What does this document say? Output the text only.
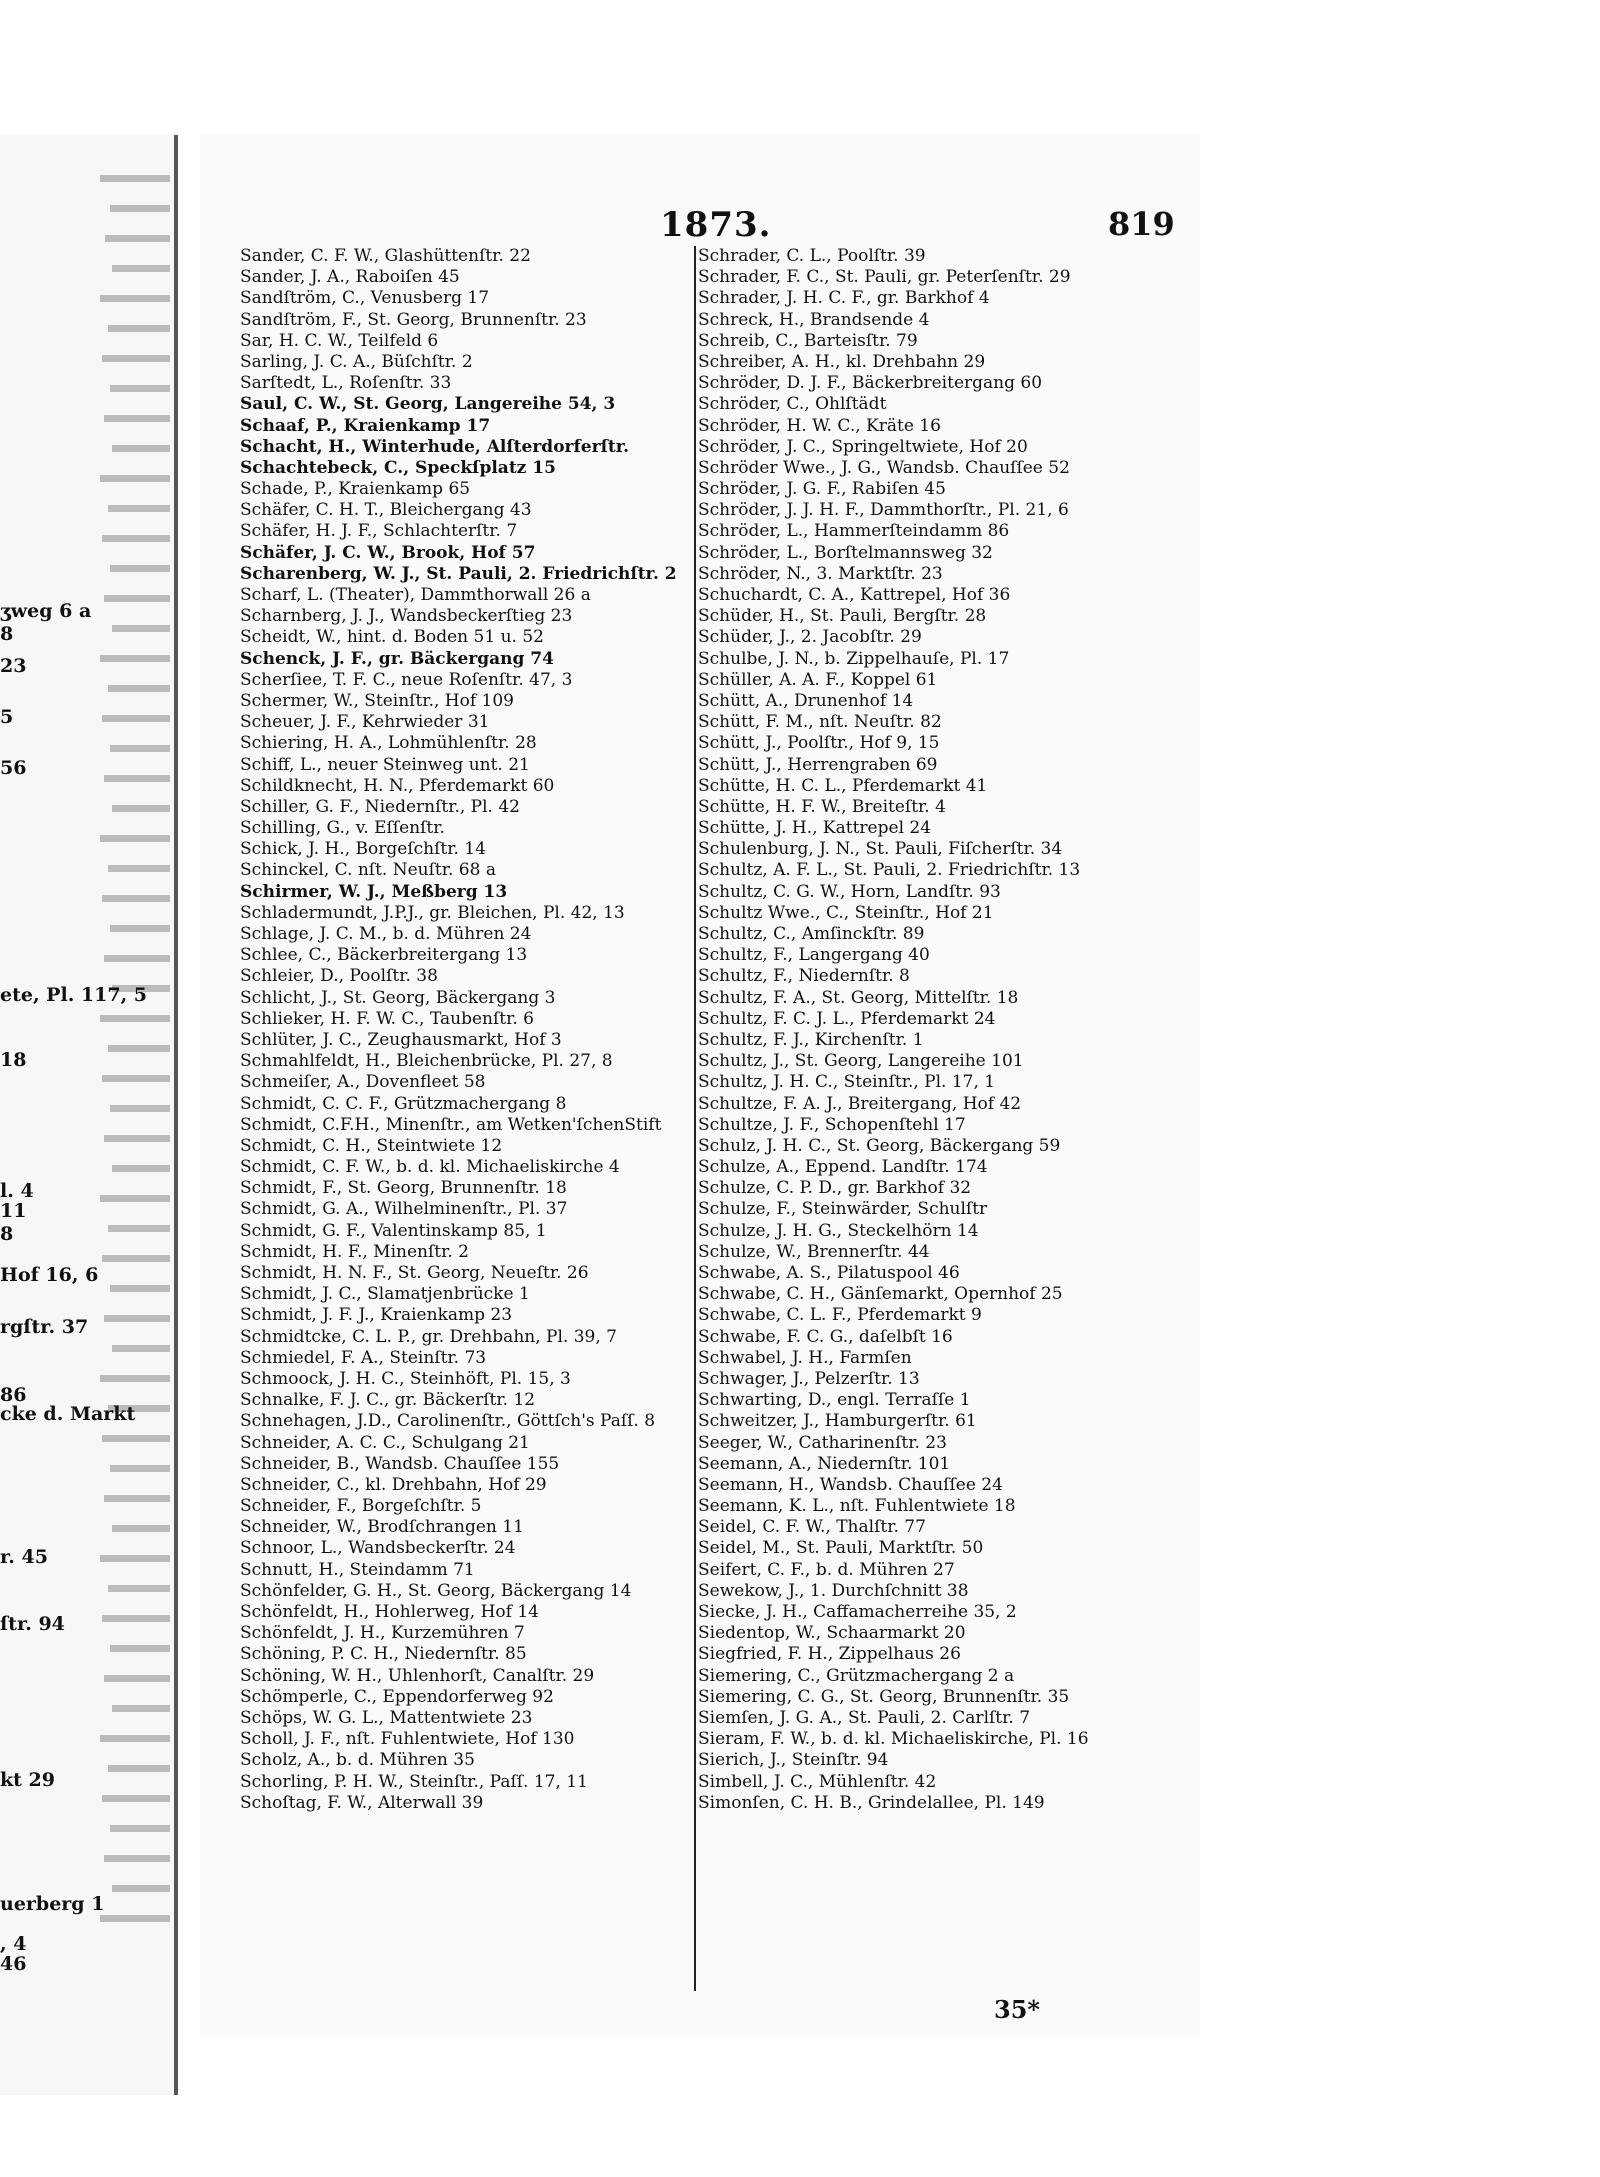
ʒweg 6 a
8
23
5
56
ete, Pl. 117, 5
18
l. 4
11
8
Hof 16, 6
rgſtr. 37
86
cke d. Markt
r. 45
ſtr. 94
kt 29
uerberg 1
, 4
46
1873.	819
Sander, C. F. W., Glashüttenſtr. 22
Sander, J. A., Raboiſen 45
Sandſtröm, C., Venusberg 17
Sandſtröm, F., St. Georg, Brunnenſtr. 23
Sar, H. C. W., Teilfeld 6
Sarling, J. C. A., Büſchſtr. 2
Sarſtedt, L., Roſenſtr. 33
Saul, C. W., St. Georg, Langereihe 54, 3
Schaaf, P., Kraienkamp 17
Schacht, H., Winterhude, Alſterdorferſtr.
Schachtebeck, C., Speckſplatz 15
Schade, P., Kraienkamp 65
Schäfer, C. H. T., Bleichergang 43
Schäfer, H. J. F., Schlachterſtr. 7
Schäfer, J. C. W., Brook, Hof 57
Scharenberg, W. J., St. Pauli, 2. Friedrichſtr. 2
Scharf, L. (Theater), Dammthorwall 26 a
Scharnberg, J. J., Wandsbeckerſtieg 23
Scheidt, W., hint. d. Boden 51 u. 52
Schenck, J. F., gr. Bäckergang 74
Scherſiee, T. F. C., neue Roſenſtr. 47, 3
Schermer, W., Steinſtr., Hof 109
Scheuer, J. F., Kehrwieder 31
Schiering, H. A., Lohmühlenſtr. 28
Schiff, L., neuer Steinweg unt. 21
Schildknecht, H. N., Pferdemarkt 60
Schiller, G. F., Niedernſtr., Pl. 42
Schilling, G., v. Eſſenſtr.
Schick, J. H., Borgeſchſtr. 14
Schinckel, C. nſt. Neuſtr. 68 a
Schirmer, W. J., Meßberg 13
Schladermundt, J.P.J., gr. Bleichen, Pl. 42, 13
Schlage, J. C. M., b. d. Mühren 24
Schlee, C., Bäckerbreitergang 13
Schleier, D., Poolſtr. 38
Schlicht, J., St. Georg, Bäckergang 3
Schlieker, H. F. W. C., Taubenſtr. 6
Schlüter, J. C., Zeughausmarkt, Hof 3
Schmahlfeldt, H., Bleichenbrücke, Pl. 27, 8
Schmeiſer, A., Dovenfleet 58
Schmidt, C. C. F., Grützmachergang 8
Schmidt, C.F.H., Minenſtr., am Wetken'ſchenStift
Schmidt, C. H., Steintwiete 12
Schmidt, C. F. W., b. d. kl. Michaeliskirche 4
Schmidt, F., St. Georg, Brunnenſtr. 18
Schmidt, G. A., Wilhelminenſtr., Pl. 37
Schmidt, G. F., Valentinskamp 85, 1
Schmidt, H. F., Minenſtr. 2
Schmidt, H. N. F., St. Georg, Neueſtr. 26
Schmidt, J. C., Slamatjenbrücke 1
Schmidt, J. F. J., Kraienkamp 23
Schmidtcke, C. L. P., gr. Drehbahn, Pl. 39, 7
Schmiedel, F. A., Steinſtr. 73
Schmoock, J. H. C., Steinhöft, Pl. 15, 3
Schnalke, F. J. C., gr. Bäckerſtr. 12
Schnehagen, J.D., Carolinenſtr., Göttſch's Paſſ. 8
Schneider, A. C. C., Schulgang 21
Schneider, B., Wandsb. Chauſſee 155
Schneider, C., kl. Drehbahn, Hof 29
Schneider, F., Borgeſchſtr. 5
Schneider, W., Brodſchrangen 11
Schnoor, L., Wandsbeckerſtr. 24
Schnutt, H., Steindamm 71
Schönfelder, G. H., St. Georg, Bäckergang 14
Schönfeldt, H., Hohlerweg, Hof 14
Schönfeldt, J. H., Kurzemühren 7
Schöning, P. C. H., Niedernſtr. 85
Schöning, W. H., Uhlenhorſt, Canalſtr. 29
Schömperle, C., Eppendorferweg 92
Schöps, W. G. L., Mattentwiete 23
Scholl, J. F., nſt. Fuhlentwiete, Hof 130
Scholz, A., b. d. Mühren 35
Schorling, P. H. W., Steinſtr., Paſſ. 17, 11
Schoſtag, F. W., Alterwall 39
Schrader, C. L., Poolſtr. 39
Schrader, F. C., St. Pauli, gr. Peterſenſtr. 29
Schrader, J. H. C. F., gr. Barkhof 4
Schreck, H., Brandsende 4
Schreib, C., Barteisſtr. 79
Schreiber, A. H., kl. Drehbahn 29
Schröder, D. J. F., Bäckerbreitergang 60
Schröder, C., Ohlſtädt
Schröder, H. W. C., Kräte 16
Schröder, J. C., Springeltwiete, Hof 20
Schröder Wwe., J. G., Wandsb. Chauſſee 52
Schröder, J. G. F., Rabiſen 45
Schröder, J. J. H. F., Dammthorſtr., Pl. 21, 6
Schröder, L., Hammerſteindamm 86
Schröder, L., Borſtelmannsweg 32
Schröder, N., 3. Marktſtr. 23
Schuchardt, C. A., Kattrepel, Hof 36
Schüder, H., St. Pauli, Bergſtr. 28
Schüder, J., 2. Jacobſtr. 29
Schulbe, J. N., b. Zippelhauſe, Pl. 17
Schüller, A. A. F., Koppel 61
Schütt, A., Drunenhof 14
Schütt, F. M., nſt. Neuſtr. 82
Schütt, J., Poolſtr., Hof 9, 15
Schütt, J., Herrengraben 69
Schütte, H. C. L., Pferdemarkt 41
Schütte, H. F. W., Breiteſtr. 4
Schütte, J. H., Kattrepel 24
Schulenburg, J. N., St. Pauli, Fiſcherſtr. 34
Schultz, A. F. L., St. Pauli, 2. Friedrichſtr. 13
Schultz, C. G. W., Horn, Landſtr. 93
Schultz Wwe., C., Steinſtr., Hof 21
Schultz, C., Amſinckſtr. 89
Schultz, F., Langergang 40
Schultz, F., Niedernſtr. 8
Schultz, F. A., St. Georg, Mittelſtr. 18
Schultz, F. C. J. L., Pferdemarkt 24
Schultz, F. J., Kirchenſtr. 1
Schultz, J., St. Georg, Langereihe 101
Schultz, J. H. C., Steinſtr., Pl. 17, 1
Schultze, F. A. J., Breitergang, Hof 42
Schultze, J. F., Schopenſtehl 17
Schulz, J. H. C., St. Georg, Bäckergang 59
Schulze, A., Eppend. Landſtr. 174
Schulze, C. P. D., gr. Barkhof 32
Schulze, F., Steinwärder, Schulſtr
Schulze, J. H. G., Steckelhörn 14
Schulze, W., Brennerſtr. 44
Schwabe, A. S., Pilatuspool 46
Schwabe, C. H., Gänſemarkt, Opernhof 25
Schwabe, C. L. F., Pferdemarkt 9
Schwabe, F. C. G., daſelbſt 16
Schwabel, J. H., Farmſen
Schwager, J., Pelzerſtr. 13
Schwarting, D., engl. Terraſſe 1
Schweitzer, J., Hamburgerſtr. 61
Seeger, W., Catharinenſtr. 23
Seemann, A., Niedernſtr. 101
Seemann, H., Wandsb. Chauſſee 24
Seemann, K. L., nſt. Fuhlentwiete 18
Seidel, C. F. W., Thalſtr. 77
Seidel, M., St. Pauli, Marktſtr. 50
Seifert, C. F., b. d. Mühren 27
Sewekow, J., 1. Durchſchnitt 38
Siecke, J. H., Caffamacherreihe 35, 2
Siedentop, W., Schaarmarkt 20
Siegfried, F. H., Zippelhaus 26
Siemering, C., Grützmachergang 2 a
Siemering, C. G., St. Georg, Brunnenſtr. 35
Siemſen, J. G. A., St. Pauli, 2. Carlſtr. 7
Sieram, F. W., b. d. kl. Michaeliskirche, Pl. 16
Sierich, J., Steinſtr. 94
Simbell, J. C., Mühlenſtr. 42
Simonſen, C. H. B., Grindelallee, Pl. 149
35*
